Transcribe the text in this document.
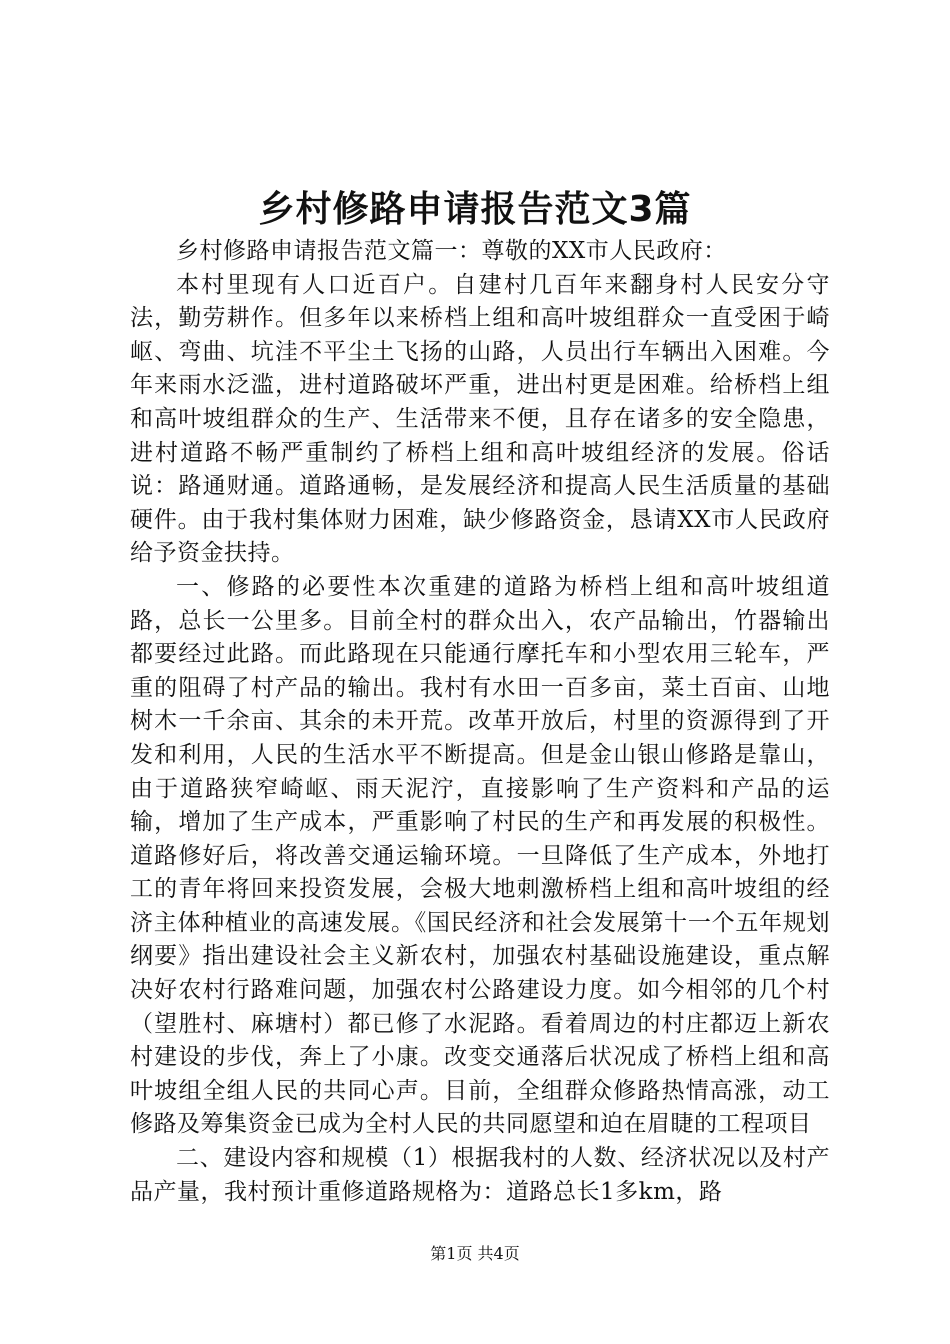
乡村修路申请报告范文3篇

乡村修路申请报告范文篇一：尊敬的XX市人民政府：

本村里现有人口近百户。自建村几百年来翻身村人民安分守法，勤劳耕作。但多年以来桥档上组和高叶坡组群众一直受困于崎岖、弯曲、坑洼不平尘土飞扬的山路，人员出行车辆出入困难。今年来雨水泛滥，进村道路破坏严重，进出村更是困难。给桥档上组和高叶坡组群众的生产、生活带来不便，且存在诸多的安全隐患，进村道路不畅严重制约了桥档上组和高叶坡组经济的发展。俗话说：路通财通。道路通畅，是发展经济和提高人民生活质量的基础硬件。由于我村集体财力困难，缺少修路资金，恳请XX市人民政府给予资金扶持。

一、修路的必要性本次重建的道路为桥档上组和高叶坡组道路，总长一公里多。目前全村的群众出入，农产品输出，竹器输出都要经过此路。而此路现在只能通行摩托车和小型农用三轮车，严重的阻碍了村产品的输出。我村有水田一百多亩，菜土百亩、山地树木一千余亩、其余的未开荒。改革开放后，村里的资源得到了开发和利用，人民的生活水平不断提高。但是金山银山修路是靠山，由于道路狭窄崎岖、雨天泥泞，直接影响了生产资料和产品的运输，增加了生产成本，严重影响了村民的生产和再发展的积极性。道路修好后，将改善交通运输环境。一旦降低了生产成本，外地打工的青年将回来投资发展，会极大地刺激桥档上组和高叶坡组的经济主体种植业的高速发展。《国民经济和社会发展第十一个五年规划纲要》指出建设社会主义新农村，加强农村基础设施建设，重点解决好农村行路难问题，加强农村公路建设力度。如今相邻的几个村（望胜村、麻塘村）都已修了水泥路。看着周边的村庄都迈上新农村建设的步伐，奔上了小康。改变交通落后状况成了桥档上组和高叶坡组全组人民的共同心声。目前，全组群众修路热情高涨，动工修路及筹集资金已成为全村人民的共同愿望和迫在眉睫的工程项目

二、建设内容和规模（1）根据我村的人数、经济状况以及村产品产量，我村预计重修道路规格为：道路总长1多km，路

第1页 共4页
